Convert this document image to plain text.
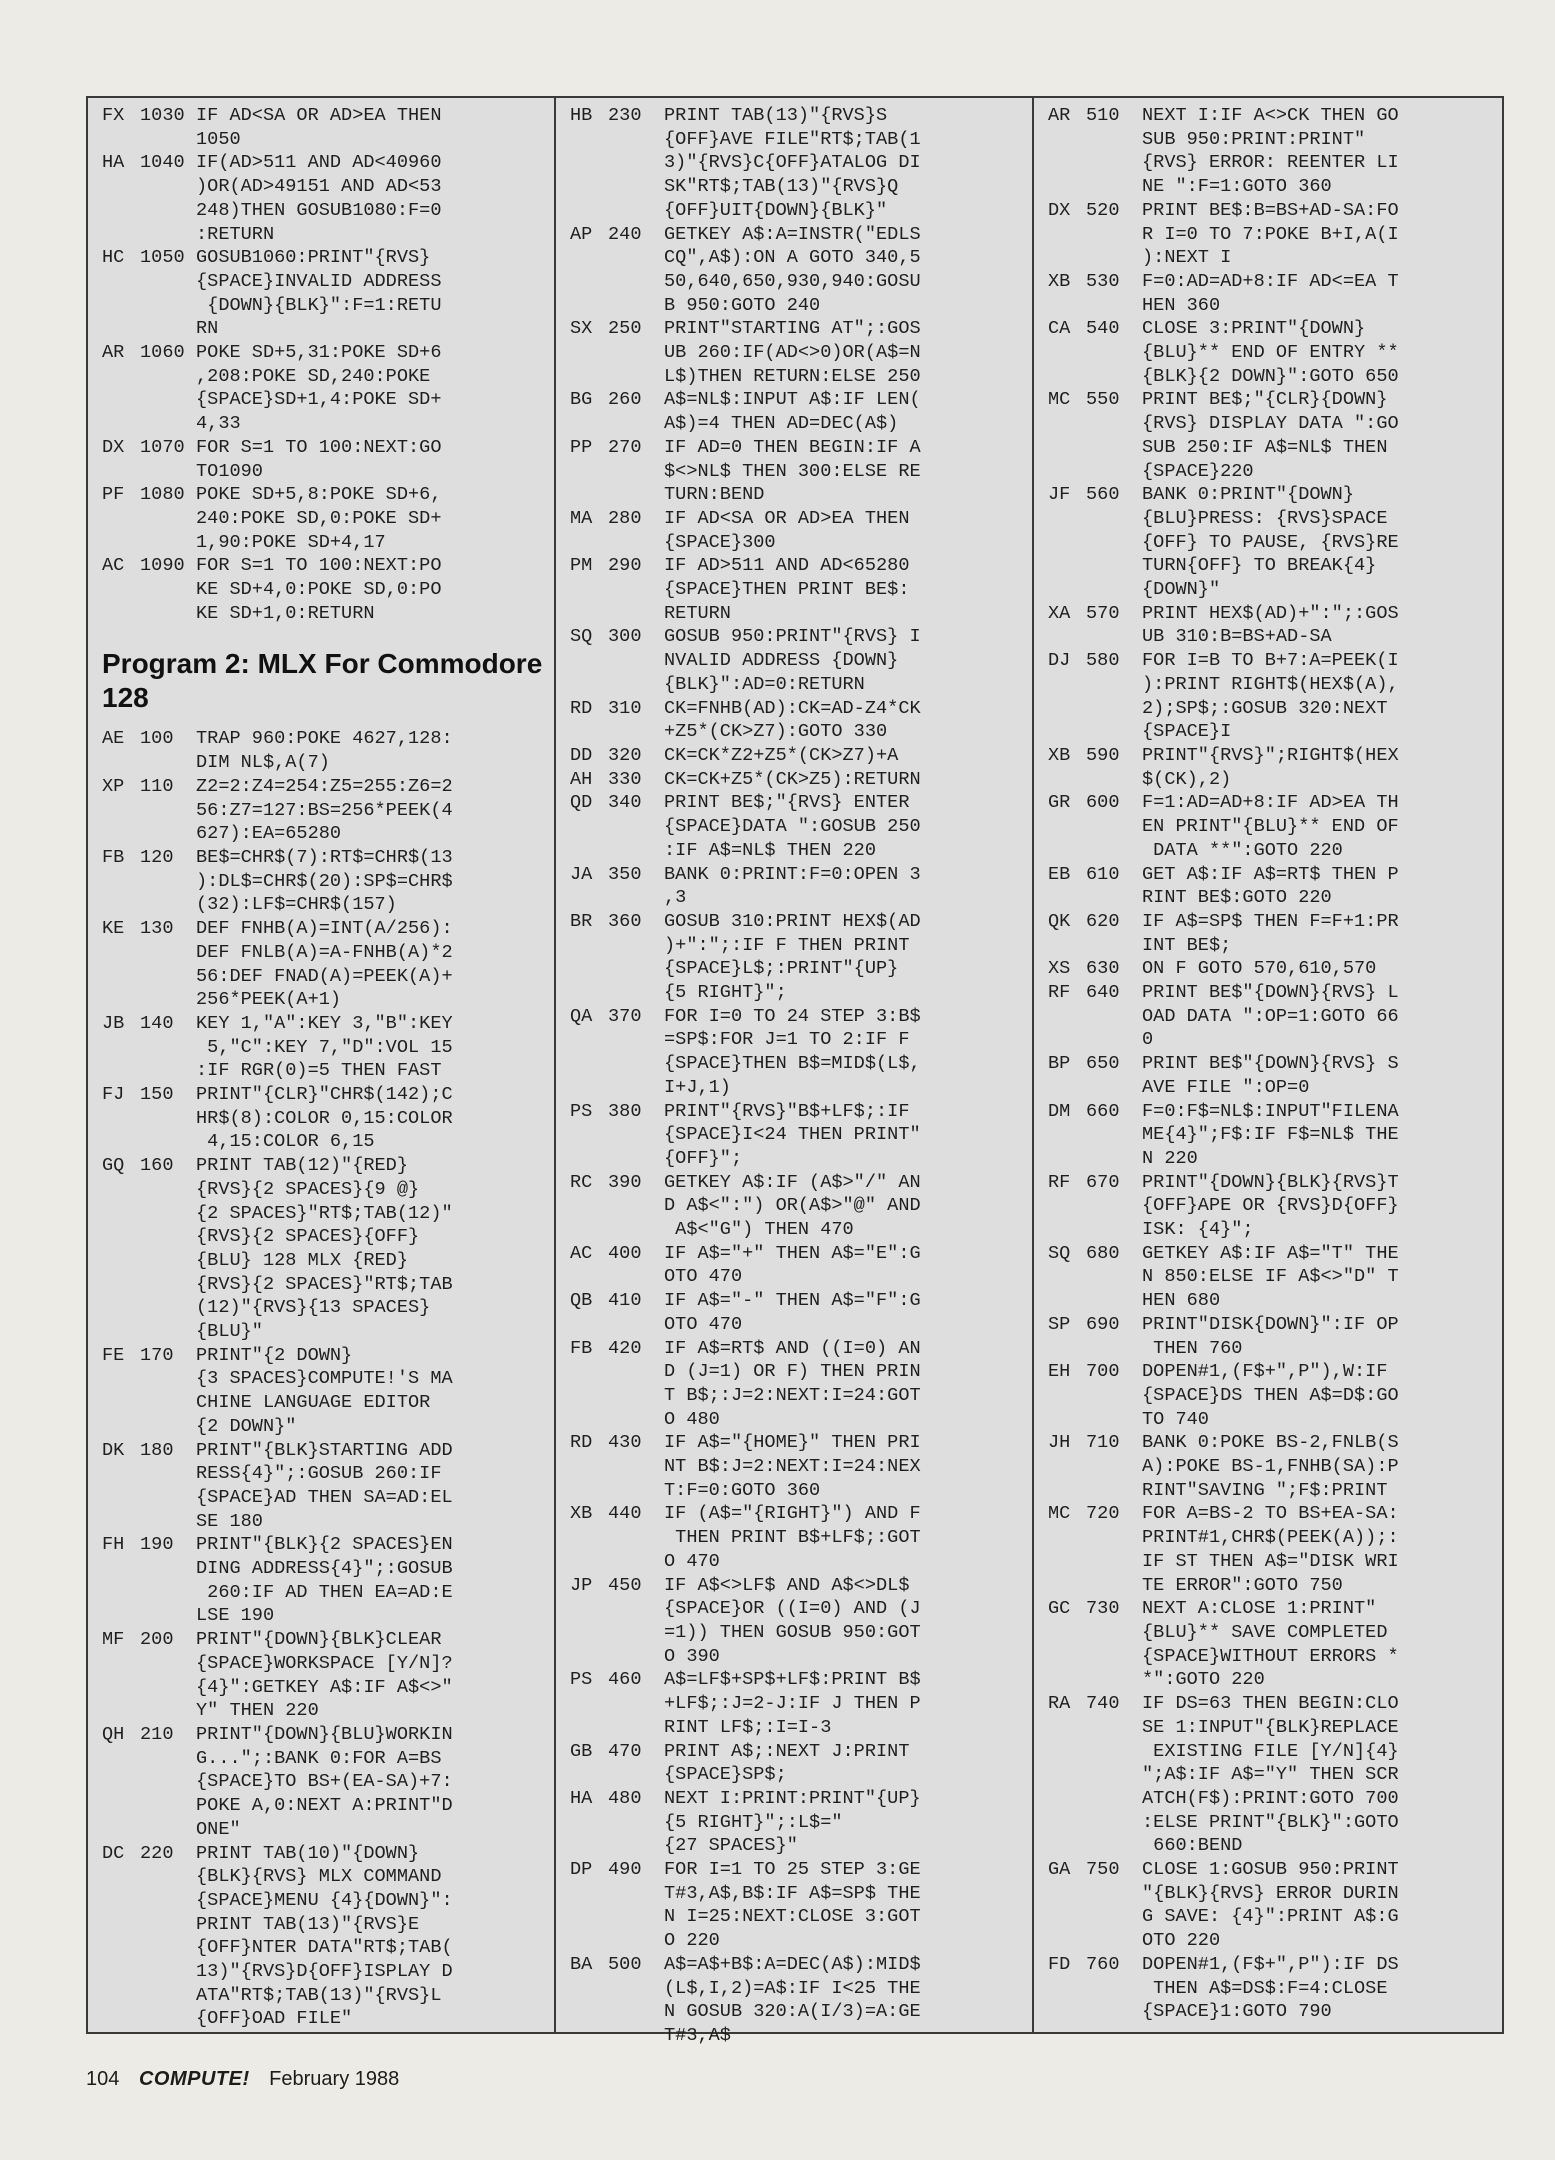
FX 1030 IF AD<SA OR AD>EA THEN
1050
HA 1040 IF(AD>511 AND AD<40960
)OR(AD>49151 AND AD<53
248)THEN GOSUB1080:F=0
:RETURN
HC 1050 GOSUB1060:PRINT"{RVS}
{SPACE}INVALID ADDRESS
{DOWN}{BLK}":F=1:RETU
RN
AR 1060 POKE SD+5,31:POKE SD+6
,208:POKE SD,240:POKE
{SPACE}SD+1,4:POKE SD+
4,33
DX 1070 FOR S=1 TO 100:NEXT:GO
TO1090
PF 1080 POKE SD+5,8:POKE SD+6,
240:POKE SD,0:POKE SD+
1,90:POKE SD+4,17
AC 1090 FOR S=1 TO 100:NEXT:PO
KE SD+4,0:POKE SD,0:PO
KE SD+1,0:RETURN
Program 2: MLX For Commodore 128
AE 100	TRAP 960:POKE 4627,128:
DIM NL$,A(7)
XP 110	Z2=2:Z4=254:Z5=255:Z6=2
56:Z7=127:BS=256*PEEK(4
627):EA=65280
FB 120	BE$=CHR$(7):RT$=CHR$(13
):DL$=CHR$(20):SP$=CHR$
(32):LF$=CHR$(157)
KE 130	DEF FNHB(A)=INT(A/256):
DEF FNLB(A)=A-FNHB(A)*2
56:DEF FNAD(A)=PEEK(A)+
256*PEEK(A+1)
JB 140	KEY 1,"A":KEY 3,"B":KEY
5,"C":KEY 7,"D":VOL 15
:IF RGR(0)=5 THEN FAST
FJ 150	PRINT"{CLR}"CHR$(142);C
HR$(8):COLOR 0,15:COLOR
4,15:COLOR 6,15
GQ 160	PRINT TAB(12)"{RED}
{RVS}{2 SPACES}{9 @}
{2 SPACES}"RT$;TAB(12)"
{RVS}{2 SPACES}{OFF}
{BLU} 128 MLX {RED}
{RVS}{2 SPACES}"RT$;TAB
(12)"{RVS}{13 SPACES}
{BLU}"
FE 170	PRINT"{2 DOWN}
{3 SPACES}COMPUTE!'S MA
CHINE LANGUAGE EDITOR
{2 DOWN}"
DK 180	PRINT"{BLK}STARTING ADD
RESS{4}";:GOSUB 260:IF
{SPACE}AD THEN SA=AD:EL
SE 180
FH 190	PRINT"{BLK}{2 SPACES}EN
DING ADDRESS{4}";:GOSUB
260:IF AD THEN EA=AD:E
LSE 190
MF 200	PRINT"{DOWN}{BLK}CLEAR
{SPACE}WORKSPACE [Y/N]?
{4}":GETKEY A$:IF A$<>"
Y" THEN 220
QH 210	PRINT"{DOWN}{BLU}WORKIN
G...";:BANK 0:FOR A=BS
{SPACE}TO BS+(EA-SA)+7:
POKE A,0:NEXT A:PRINT"D
ONE"
DC 220	PRINT TAB(10)"{DOWN}
{BLK}{RVS} MLX COMMAND
{SPACE}MENU {4}{DOWN}":
PRINT TAB(13)"{RVS}E
{OFF}NTER DATA"RT$;TAB(
13)"{RVS}D{OFF}ISPLAY D
ATA"RT$;TAB(13)"{RVS}L
{OFF}OAD FILE"
HB 230	PRINT TAB(13)"{RVS}S
{OFF}AVE FILE"RT$;TAB(1
3)"{RVS}C{OFF}ATALOG DI
SK"RT$;TAB(13)"{RVS}Q
{OFF}UIT{DOWN}{BLK}"
AP 240	GETKEY A$:A=INSTR("EDLS
CQ",A$):ON A GOTO 340,5
50,640,650,930,940:GOSU
B 950:GOTO 240
SX 250	PRINT"STARTING AT";:GOS
UB 260:IF(AD<>0)OR(A$=N
L$)THEN RETURN:ELSE 250
BG 260	A$=NL$:INPUT A$:IF LEN(
A$)=4 THEN AD=DEC(A$)
PP 270	IF AD=0 THEN BEGIN:IF A
$<>NL$ THEN 300:ELSE RE
TURN:BEND
MA 280	IF AD<SA OR AD>EA THEN
{SPACE}300
PM 290	IF AD>511 AND AD<65280
{SPACE}THEN PRINT BE$:
RETURN
SQ 300	GOSUB 950:PRINT"{RVS} I
NVALID ADDRESS {DOWN}
{BLK}":AD=0:RETURN
RD 310	CK=FNHB(AD):CK=AD-Z4*CK
+Z5*(CK>Z7):GOTO 330
DD 320	CK=CK*Z2+Z5*(CK>Z7)+A
AH 330	CK=CK+Z5*(CK>Z5):RETURN
QD 340	PRINT BE$;"{RVS} ENTER
{SPACE}DATA ":GOSUB 250
:IF A$=NL$ THEN 220
JA 350	BANK 0:PRINT:F=0:OPEN 3
,3
BR 360	GOSUB 310:PRINT HEX$(AD
)+":";:IF F THEN PRINT
{SPACE}L$;:PRINT"{UP}
{5 RIGHT}";
QA 370	FOR I=0 TO 24 STEP 3:B$
=SP$:FOR J=1 TO 2:IF F
{SPACE}THEN B$=MID$(L$,
I+J,1)
PS 380	PRINT"{RVS}"B$+LF$;:IF
{SPACE}I<24 THEN PRINT"
{OFF}";
RC 390	GETKEY A$:IF (A$>"/" AN
D A$<":") OR(A$>"@" AND
A$<"G") THEN 470
AC 400	IF A$="+" THEN A$="E":G
OTO 470
QB 410	IF A$="-" THEN A$="F":G
OTO 470
FB 420	IF A$=RT$ AND ((I=0) AN
D (J=1) OR F) THEN PRIN
T B$;:J=2:NEXT:I=24:GOT
O 480
RD 430	IF A$="{HOME}" THEN PRI
NT B$:J=2:NEXT:I=24:NEX
T:F=0:GOTO 360
XB 440	IF (A$="{RIGHT}") AND F
THEN PRINT B$+LF$;:GOT
O 470
JP 450	IF A$<>LF$ AND A$<>DL$
{SPACE}OR ((I=0) AND (J
=1)) THEN GOSUB 950:GOT
O 390
PS 460	A$=LF$+SP$+LF$:PRINT B$
+LF$;:J=2-J:IF J THEN P
RINT LF$;:I=I-3
GB 470	PRINT A$;:NEXT J:PRINT
{SPACE}SP$;
HA 480	NEXT I:PRINT:PRINT"{UP}
{5 RIGHT}";:L$="
{27 SPACES}"
DP 490	FOR I=1 TO 25 STEP 3:GE
T#3,A$,B$:IF A$=SP$ THE
N I=25:NEXT:CLOSE 3:GOT
O 220
BA 500	A$=A$+B$:A=DEC(A$):MID$
(L$,I,2)=A$:IF I<25 THE
N GOSUB 320:A(I/3)=A:GE
T#3,A$
AR 510	NEXT I:IF A<>CK THEN GO
SUB 950:PRINT:PRINT"
{RVS} ERROR: REENTER LI
NE ":F=1:GOTO 360
DX 520	PRINT BE$:B=BS+AD-SA:FO
R I=0 TO 7:POKE B+I,A(I
):NEXT I
XB 530	F=0:AD=AD+8:IF AD<=EA T
HEN 360
CA 540	CLOSE 3:PRINT"{DOWN}
{BLU}** END OF ENTRY **
{BLK}{2 DOWN}":GOTO 650
MC 550	PRINT BE$;"{CLR}{DOWN}
{RVS} DISPLAY DATA ":GO
SUB 250:IF A$=NL$ THEN
{SPACE}220
JF 560	BANK 0:PRINT"{DOWN}
{BLU}PRESS: {RVS}SPACE
{OFF} TO PAUSE, {RVS}RE
TURN{OFF} TO BREAK{4}
{DOWN}"
XA 570	PRINT HEX$(AD)+":";:GOS
UB 310:B=BS+AD-SA
DJ 580	FOR I=B TO B+7:A=PEEK(I
):PRINT RIGHT$(HEX$(A),
2);SP$;:GOSUB 320:NEXT
{SPACE}I
XB 590	PRINT"{RVS}";RIGHT$(HEX
$(CK),2)
GR 600	F=1:AD=AD+8:IF AD>EA TH
EN PRINT"{BLU}** END OF
DATA **":GOTO 220
EB 610	GET A$:IF A$=RT$ THEN P
RINT BE$:GOTO 220
QK 620	IF A$=SP$ THEN F=F+1:PR
INT BE$;
XS 630	ON F GOTO 570,610,570
RF 640	PRINT BE$"{DOWN}{RVS} L
OAD DATA ":OP=1:GOTO 66
0
BP 650	PRINT BE$"{DOWN}{RVS} S
AVE FILE ":OP=0
DM 660	F=0:F$=NL$:INPUT"FILENA
ME{4}";F$:IF F$=NL$ THE
N 220
RF 670	PRINT"{DOWN}{BLK}{RVS}T
{OFF}APE OR {RVS}D{OFF}
ISK: {4}";
SQ 680	GETKEY A$:IF A$="T" THE
N 850:ELSE IF A$<>"D" T
HEN 680
SP 690	PRINT"DISK{DOWN}":IF OP
THEN 760
EH 700	DOPEN#1,(F$+",P"),W:IF
{SPACE}DS THEN A$=D$:GO
TO 740
JH 710	BANK 0:POKE BS-2,FNLB(S
A):POKE BS-1,FNHB(SA):P
RINT"SAVING ";F$:PRINT
MC 720	FOR A=BS-2 TO BS+EA-SA:
PRINT#1,CHR$(PEEK(A));:
IF ST THEN A$="DISK WRI
TE ERROR":GOTO 750
GC 730	NEXT A:CLOSE 1:PRINT"
{BLU}** SAVE COMPLETED
{SPACE}WITHOUT ERRORS *
*":GOTO 220
RA 740	IF DS=63 THEN BEGIN:CLO
SE 1:INPUT"{BLK}REPLACE
EXISTING FILE [Y/N]{4}
";A$:IF A$="Y" THEN SCR
ATCH(F$):PRINT:GOTO 700
:ELSE PRINT"{BLK}":GOTO
660:BEND
GA 750	CLOSE 1:GOSUB 950:PRINT
"{BLK}{RVS} ERROR DURIN
G SAVE: {4}":PRINT A$:G
OTO 220
FD 760	DOPEN#1,(F$+",P"):IF DS
THEN A$=DS$:F=4:CLOSE
{SPACE}1:GOTO 790
104 COMPUTE! February 1988
